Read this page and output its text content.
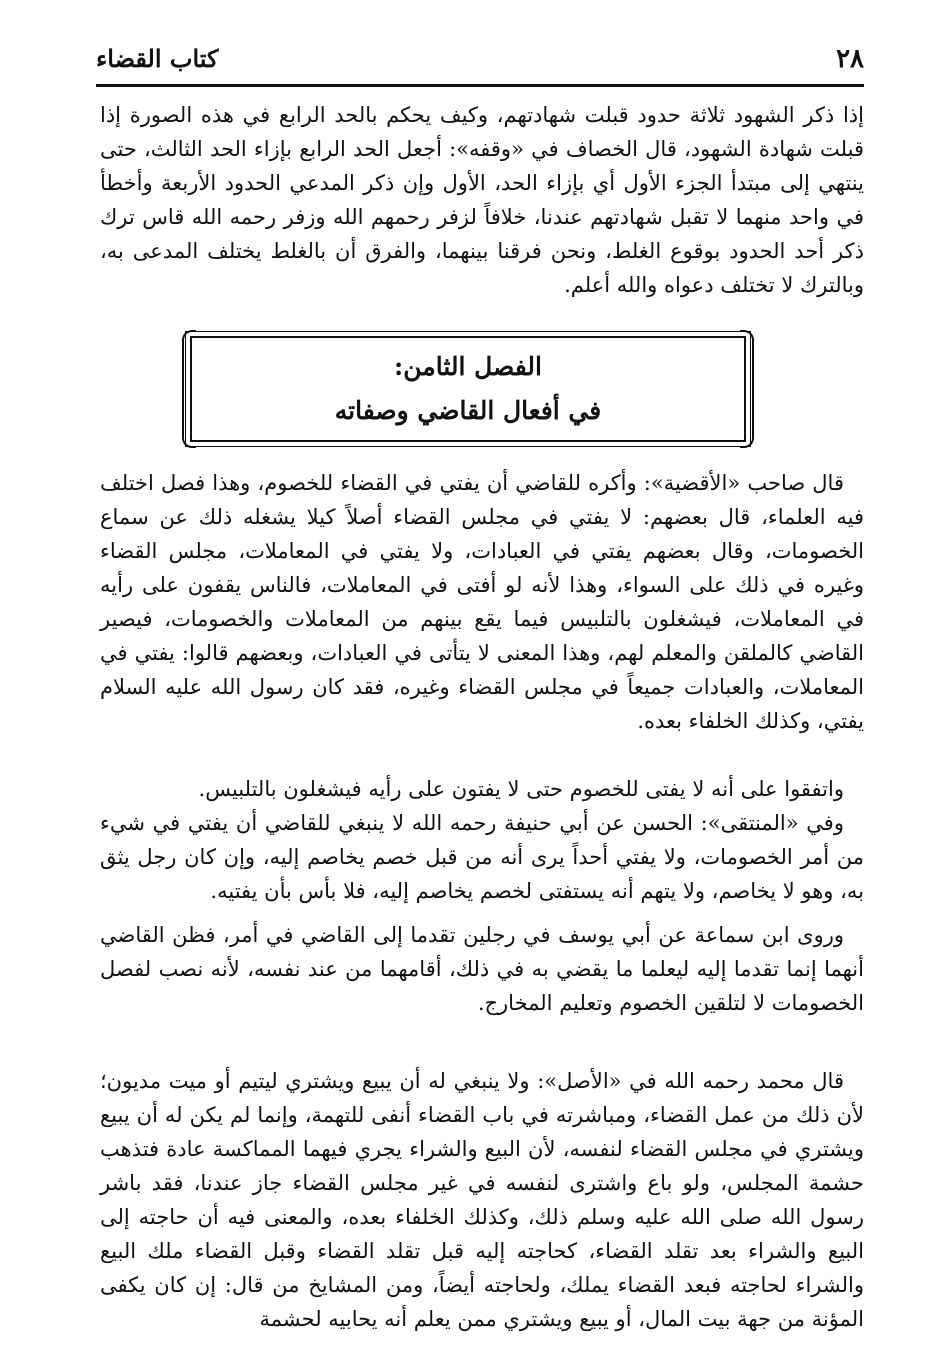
٢٨
كتاب القضاء

إذا ذكر الشهود ثلاثة حدود قبلت شهادتهم، وكيف يحكم بالحد الرابع في هذه الصورة إذا قبلت شهادة الشهود، قال الخصاف في «وقفه»: أجعل الحد الرابع بإزاء الحد الثالث، حتى ينتهي إلى مبتدأ الجزء الأول أي بإزاء الحد، الأول وإن ذكر المدعي الحدود الأربعة وأخطأ في واحد منهما لا تقبل شهادتهم عندنا، خلافاً لزفر رحمهم الله وزفر رحمه الله قاس ترك ذكر أحد الحدود بوقوع الغلط، ونحن فرقنا بينهما، والفرق أن بالغلط يختلف المدعى به، وبالترك لا تختلف دعواه والله أعلم.

الفصل الثامن:
في أفعال القاضي وصفاته

قال صاحب «الأقضية»: وأكره للقاضي أن يفتي في القضاء للخصوم، وهذا فصل اختلف فيه العلماء، قال بعضهم: لا يفتي في مجلس القضاء أصلاً كيلا يشغله ذلك عن سماع الخصومات، وقال بعضهم يفتي في العبادات، ولا يفتي في المعاملات، مجلس القضاء وغيره في ذلك على السواء، وهذا لأنه لو أفتى في المعاملات، فالناس يقفون على رأيه في المعاملات، فيشغلون بالتلبيس فيما يقع بينهم من المعاملات والخصومات، فيصير القاضي كالملقن والمعلم لهم، وهذا المعنى لا يتأتى في العبادات، وبعضهم قالوا: يفتي في المعاملات، والعبادات جميعاً في مجلس القضاء وغيره، فقد كان رسول الله عليه السلام يفتي، وكذلك الخلفاء بعده.

واتفقوا على أنه لا يفتى للخصوم حتى لا يفتون على رأيه فيشغلون بالتلبيس.

وفي «المنتقى»: الحسن عن أبي حنيفة رحمه الله لا ينبغي للقاضي أن يفتي في شيء من أمر الخصومات، ولا يفتي أحداً يرى أنه من قبل خصم يخاصم إليه، وإن كان رجل يثق به، وهو لا يخاصم، ولا يتهم أنه يستفتى لخصم يخاصم إليه، فلا بأس بأن يفتيه.

وروى ابن سماعة عن أبي يوسف في رجلين تقدما إلى القاضي في أمر، فظن القاضي أنهما إنما تقدما إليه ليعلما ما يقضي به في ذلك، أقامهما من عند نفسه، لأنه نصب لفصل الخصومات لا لتلقين الخصوم وتعليم المخارج.

قال محمد رحمه الله في «الأصل»: ولا ينبغي له أن يبيع ويشتري ليتيم أو ميت مديون؛ لأن ذلك من عمل القضاء، ومباشرته في باب القضاء أنفى للتهمة، وإنما لم يكن له أن يبيع ويشتري في مجلس القضاء لنفسه، لأن البيع والشراء يجري فيهما المماكسة عادة فتذهب حشمة المجلس، ولو باع واشترى لنفسه في غير مجلس القضاء جاز عندنا، فقد باشر رسول الله صلى الله عليه وسلم ذلك، وكذلك الخلفاء بعده، والمعنى فيه أن حاجته إلى البيع والشراء بعد تقلد القضاء، كحاجته إليه قبل تقلد القضاء وقبل القضاء ملك البيع والشراء لحاجته فبعد القضاء يملك، ولحاجته أيضاً، ومن المشايخ من قال: إن كان يكفى المؤنة من جهة بيت المال، أو يبيع ويشتري ممن يعلم أنه يحابيه لحشمة
